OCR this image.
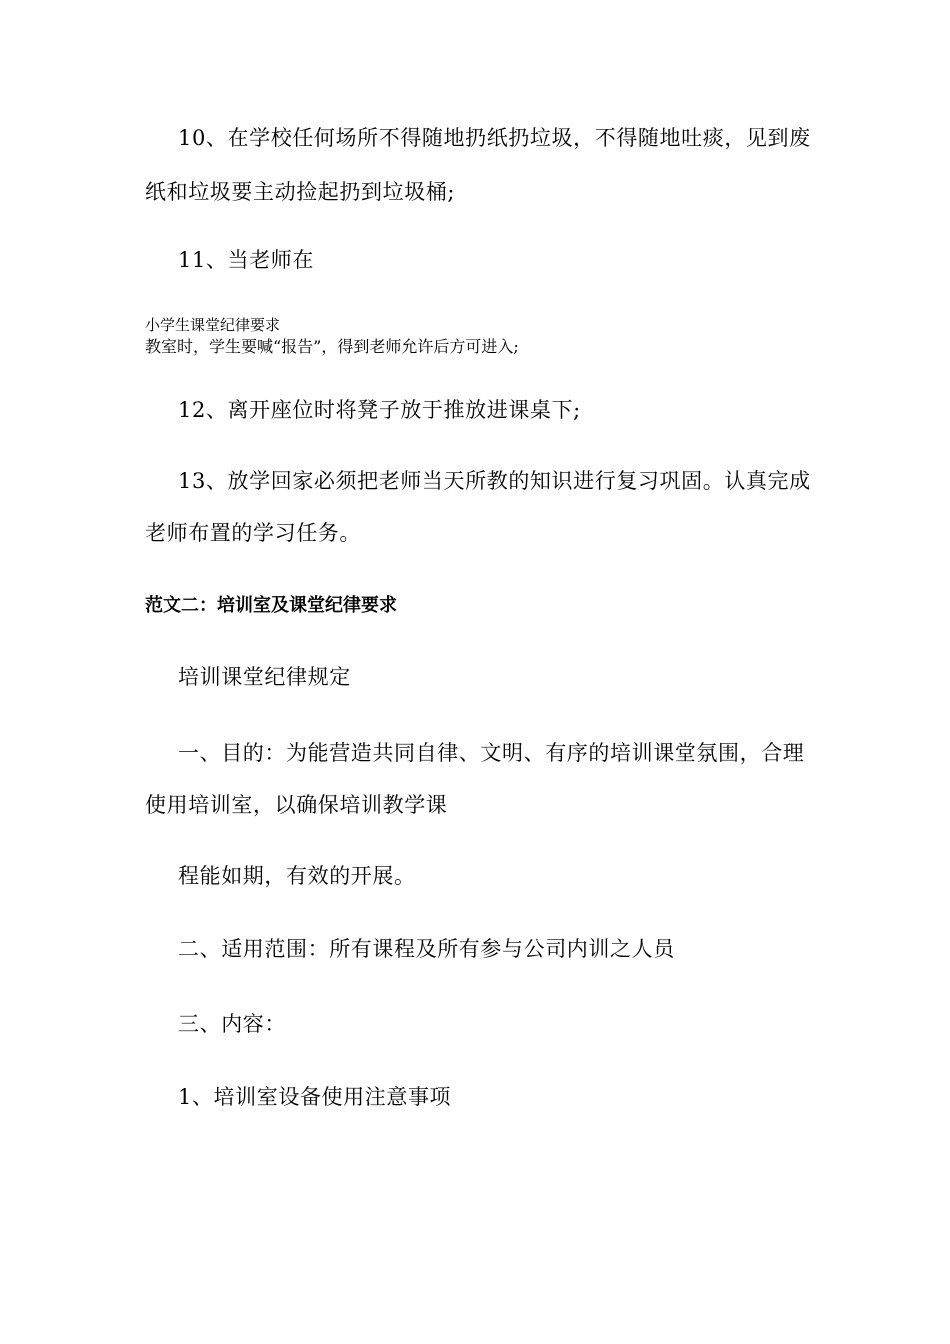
10、在学校任何场所不得随地扔纸扔垃圾，不得随地吐痰，见到废
纸和垃圾要主动捡起扔到垃圾桶;
11、当老师在
小学生课堂纪律要求
教室时，学生要喊“报告”，得到老师允许后方可进入;
12、离开座位时将凳子放于推放进课桌下;
13、放学回家必须把老师当天所教的知识进行复习巩固。认真完成
老师布置的学习任务。
范文二：培训室及课堂纪律要求
培训课堂纪律规定
一、目的：为能营造共同自律、文明、有序的培训课堂氛围，合理
使用培训室，以确保培训教学课
程能如期，有效的开展。
二、适用范围：所有课程及所有参与公司内训之人员
三、内容：
1、培训室设备使用注意事项
